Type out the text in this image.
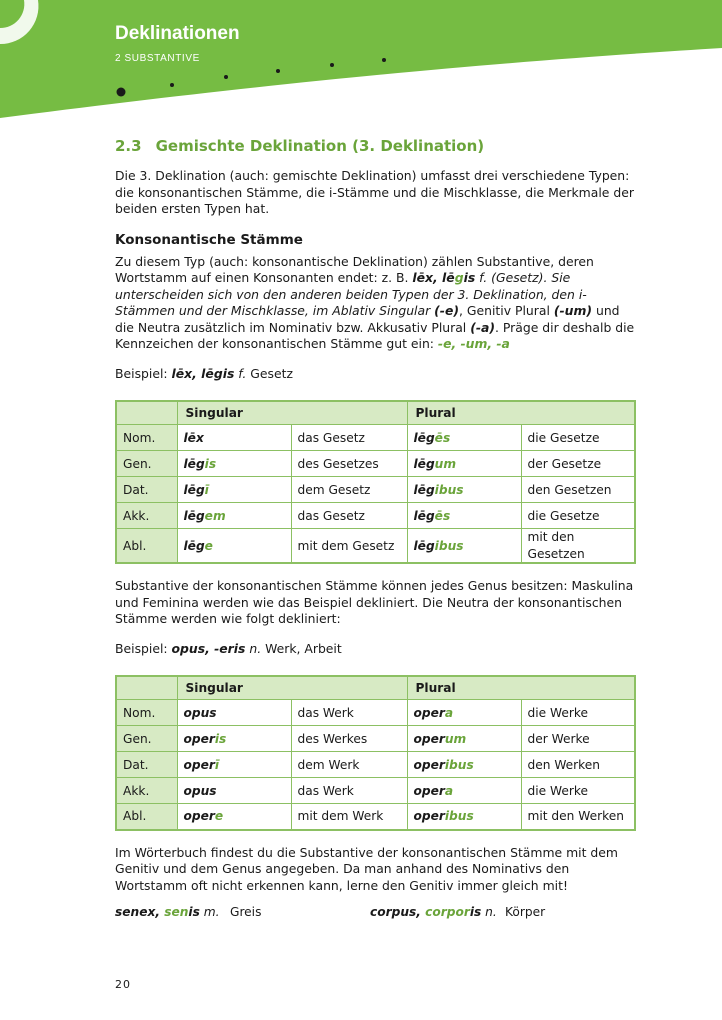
Deklinationen
2 SUBSTANTIVE
2.3 Gemischte Deklination (3. Deklination)

Die 3. Deklination (auch: gemischte Deklination) umfasst drei verschiedene Typen: die konsonantischen Stämme, die i-Stämme und die Mischklasse, die Merkmale der beiden ersten Typen hat.

Konsonantische Stämme

Zu diesem Typ (auch: konsonantische Deklination) zählen Substantive, deren Wortstamm auf einen Konsonanten endet: z. B. lēx, lēgis f. (Gesetz). Sie unterscheiden sich von den anderen beiden Typen der 3. Deklination, den i-Stämmen und der Mischklasse, im Ablativ Singular (-e), Genitiv Plural (-um) und die Neutra zusätzlich im Nominativ bzw. Akkusativ Plural (-a). Präge dir deshalb die Kennzeichen der konsonantischen Stämme gut ein: -e, -um, -a

Beispiel: lēx, lēgis f. Gesetz

	Singular		Plural	
Nom.	lēx	das Gesetz	lēgēs	die Gesetze
Gen.	lēgis	des Gesetzes	lēgum	der Gesetze
Dat.	lēgī	dem Gesetz	lēgibus	den Gesetzen
Akk.	lēgem	das Gesetz	lēgēs	die Gesetze
Abl.	lēge	mit dem Gesetz	lēgibus	mit den Gesetzen

Substantive der konsonantischen Stämme können jedes Genus besitzen: Maskulina und Feminina werden wie das Beispiel dekliniert. Die Neutra der konsonantischen Stämme werden wie folgt dekliniert:

Beispiel: opus, -eris n. Werk, Arbeit

	Singular		Plural	
Nom.	opus	das Werk	opera	die Werke
Gen.	operis	des Werkes	operum	der Werke
Dat.	operī	dem Werk	operibus	den Werken
Akk.	opus	das Werk	opera	die Werke
Abl.	opere	mit dem Werk	operibus	mit den Werken

Im Wörterbuch findest du die Substantive der konsonantischen Stämme mit dem Genitiv und dem Genus angegeben. Da man anhand des Nominativs den Wortstamm oft nicht erkennen kann, lerne den Genitiv immer gleich mit!

senex, senis m. Greis	corpus, corporis n. Körper
20
